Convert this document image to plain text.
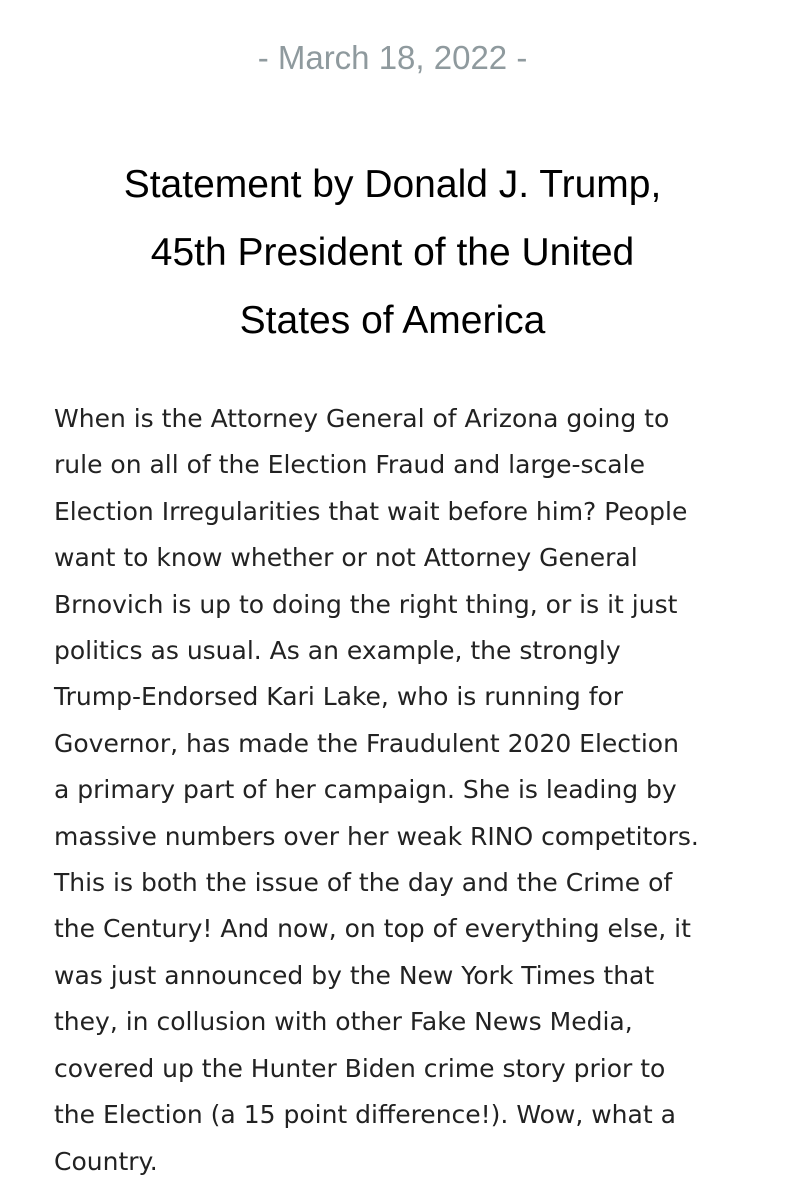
- March 18, 2022 -
Statement by Donald J. Trump,
45th President of the United
States of America
When is the Attorney General of Arizona going to
rule on all of the Election Fraud and large-scale
Election Irregularities that wait before him? People
want to know whether or not Attorney General
Brnovich is up to doing the right thing, or is it just
politics as usual. As an example, the strongly
Trump-Endorsed Kari Lake, who is running for
Governor, has made the Fraudulent 2020 Election
a primary part of her campaign. She is leading by
massive numbers over her weak RINO competitors.
This is both the issue of the day and the Crime of
the Century! And now, on top of everything else, it
was just announced by the New York Times that
they, in collusion with other Fake News Media,
covered up the Hunter Biden crime story prior to
the Election (a 15 point difference!). Wow, what a
Country.
